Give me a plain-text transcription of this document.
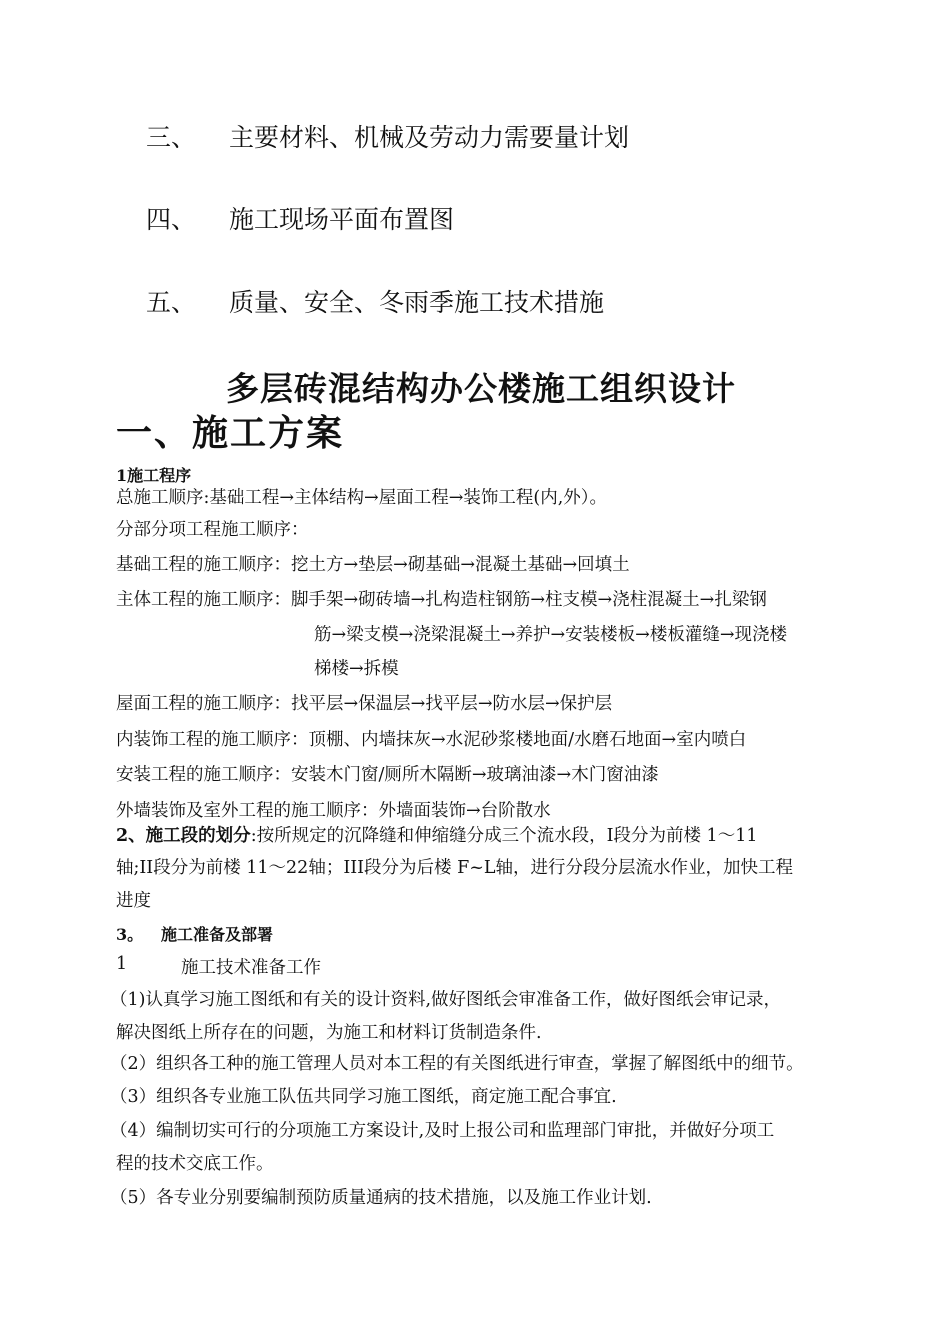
三、 主要材料、机械及劳动力需要量计划
四、 施工现场平面布置图
五、 质量、安全、冬雨季施工技术措施
多层砖混结构办公楼施工组织设计
一、施工方案
1施工程序
总施工顺序:基础工程→主体结构→屋面工程→装饰工程(内,外）。
分部分项工程施工顺序：
基础工程的施工顺序：挖土方→垫层→砌基础→混凝土基础→回填土
主体工程的施工顺序：脚手架→砌砖墙→扎构造柱钢筋→柱支模→浇柱混凝土→扎梁钢
筋→梁支模→浇梁混凝土→养护→安装楼板→楼板灌缝→现浇楼
梯楼→拆模
屋面工程的施工顺序：找平层→保温层→找平层→防水层→保护层
内装饰工程的施工顺序：顶棚、内墙抹灰→水泥砂浆楼地面/水磨石地面→室内喷白
安装工程的施工顺序：安装木门窗/厕所木隔断→玻璃油漆→木门窗油漆
外墙装饰及室外工程的施工顺序：外墙面装饰→台阶散水
2、施工段的划分:按所规定的沉降缝和伸缩缝分成三个流水段，I段分为前楼 1～11
轴;II段分为前楼 11～22轴；III段分为后楼 F~L轴，进行分段分层流水作业，加快工程
进度
3。 施工准备及部署
1	施工技术准备工作
（1)认真学习施工图纸和有关的设计资料,做好图纸会审准备工作，做好图纸会审记录，
解决图纸上所存在的问题，为施工和材料订货制造条件.
（2）组织各工种的施工管理人员对本工程的有关图纸进行审查，掌握了解图纸中的细节。
（3）组织各专业施工队伍共同学习施工图纸，商定施工配合事宜.
（4）编制切实可行的分项施工方案设计,及时上报公司和监理部门审批，并做好分项工
程的技术交底工作。
（5）各专业分别要编制预防质量通病的技术措施，以及施工作业计划.
